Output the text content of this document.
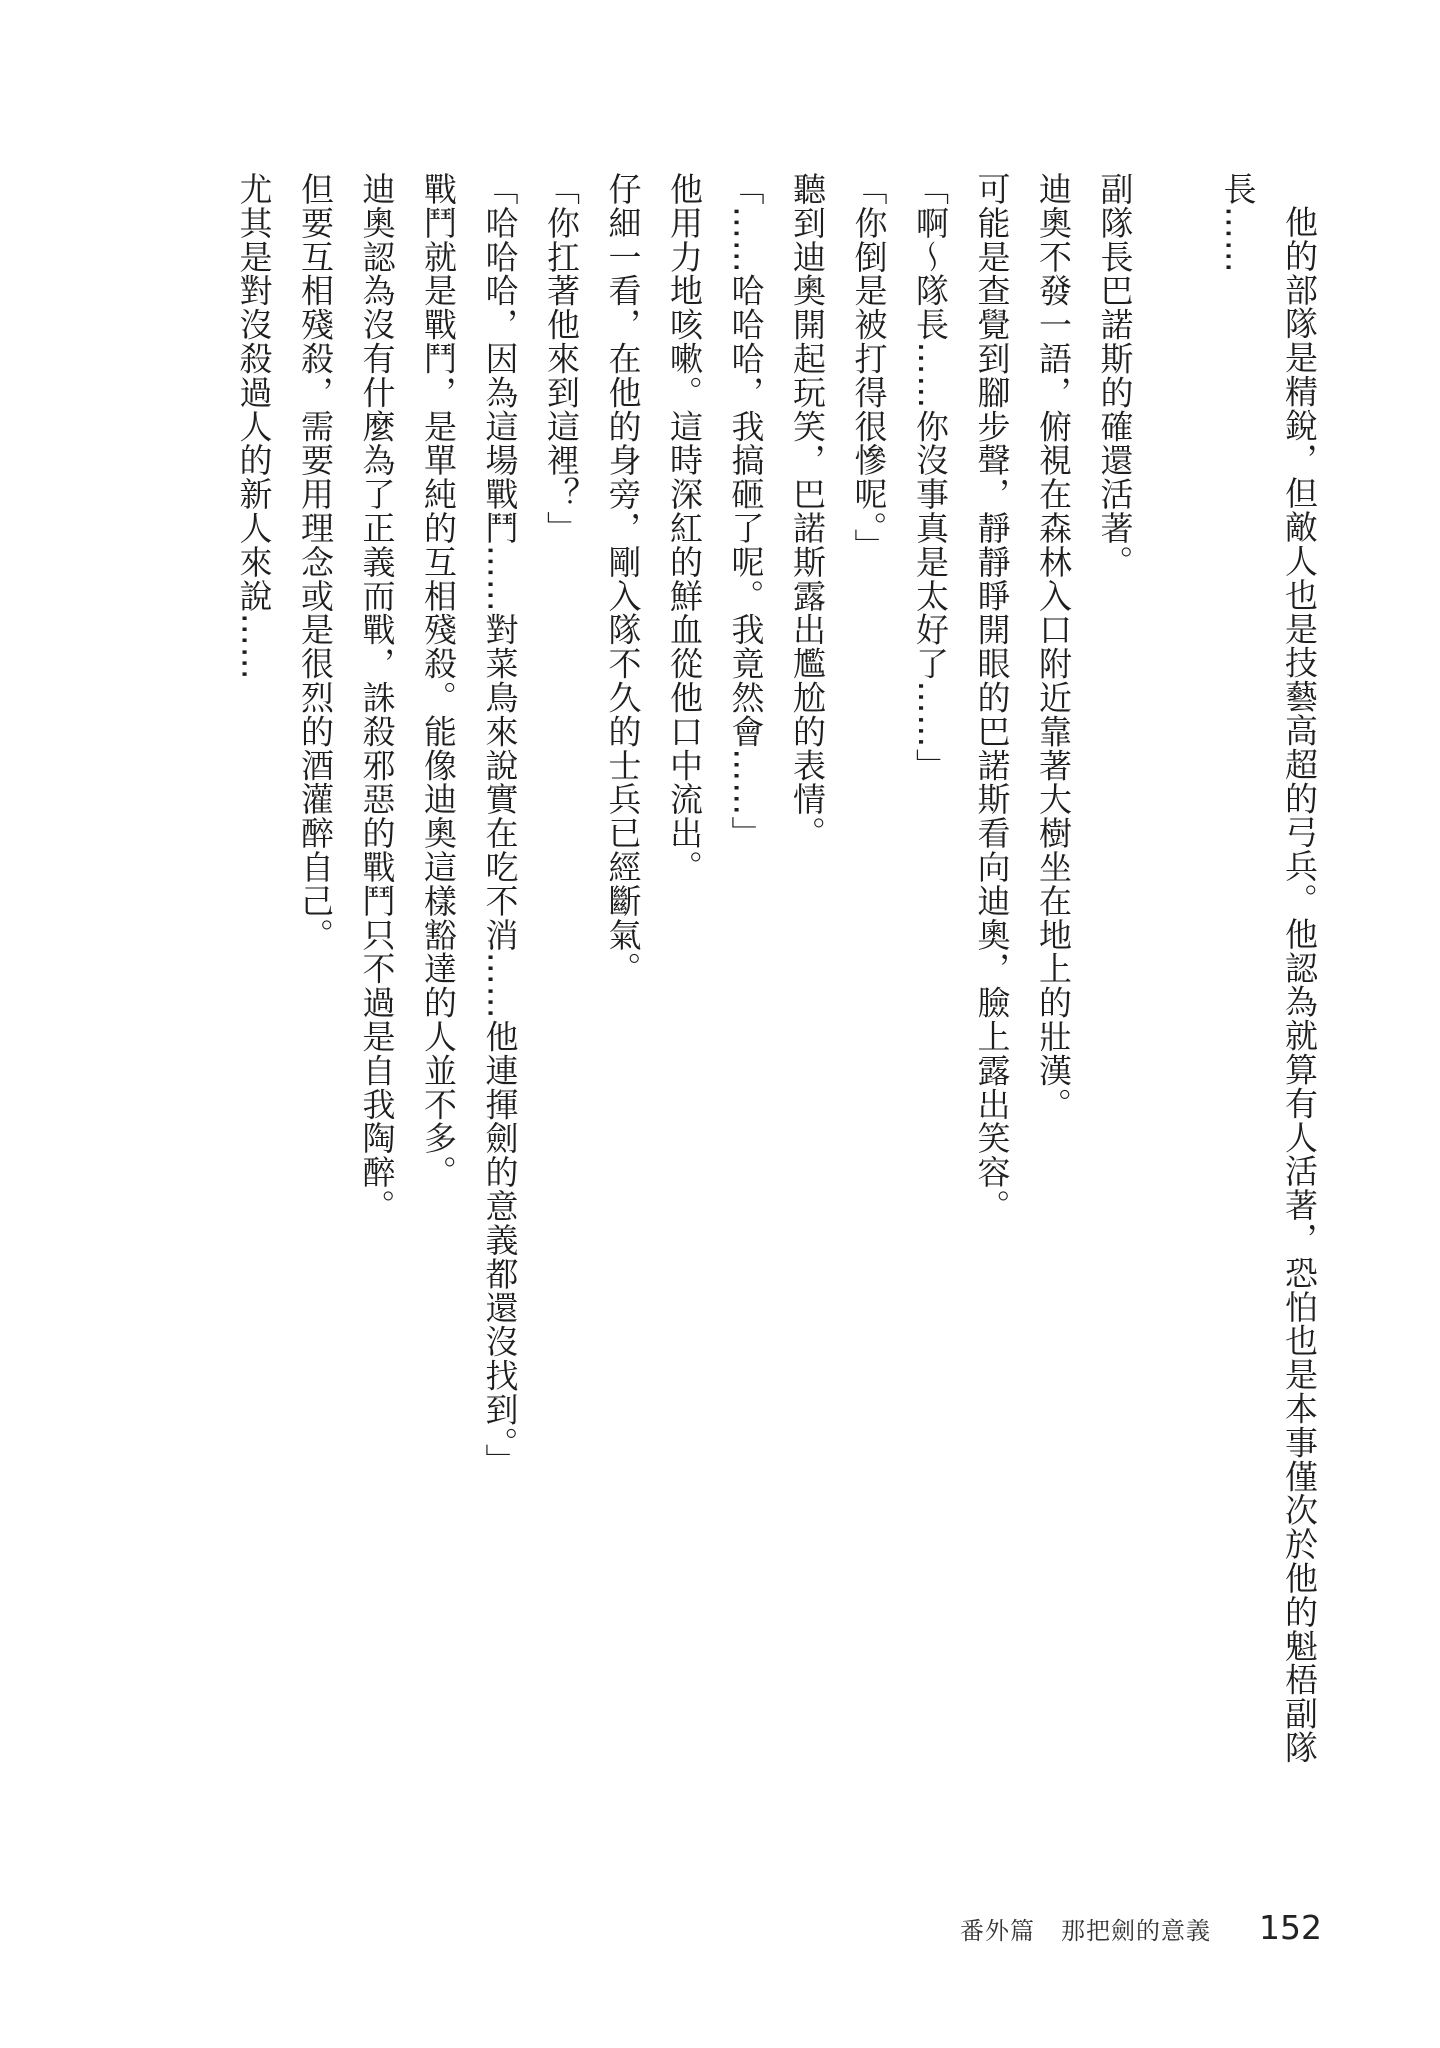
他的部隊是精銳，但敵人也是技藝高超的弓兵。他認為就算有人活著，恐怕也是本事僅次於他的魁梧副隊長……

副隊長巴諾斯的確還活著。

迪奧不發一語，俯視在森林入口附近靠著大樹坐在地上的壯漢。

可能是查覺到腳步聲，靜靜睜開眼的巴諾斯看向迪奧，臉上露出笑容。

「啊～隊長……你沒事真是太好了……」

「你倒是被打得很慘呢。」

聽到迪奧開起玩笑，巴諾斯露出尷尬的表情。

「……哈哈哈，我搞砸了呢。我竟然會……」

他用力地咳嗽。這時深紅的鮮血從他口中流出。

仔細一看，在他的身旁，剛入隊不久的士兵已經斷氣。

「你扛著他來到這裡？」

「哈哈哈，因為這場戰鬥……對菜鳥來說實在吃不消……他連揮劍的意義都還沒找到。」

戰鬥就是戰鬥，是單純的互相殘殺。能像迪奧這樣豁達的人並不多。

迪奧認為沒有什麼為了正義而戰，誅殺邪惡的戰鬥只不過是自我陶醉。

但要互相殘殺，需要用理念或是很烈的酒灌醉自己。

尤其是對沒殺過人的新人來說……

番外篇 那把劍的意義 152
